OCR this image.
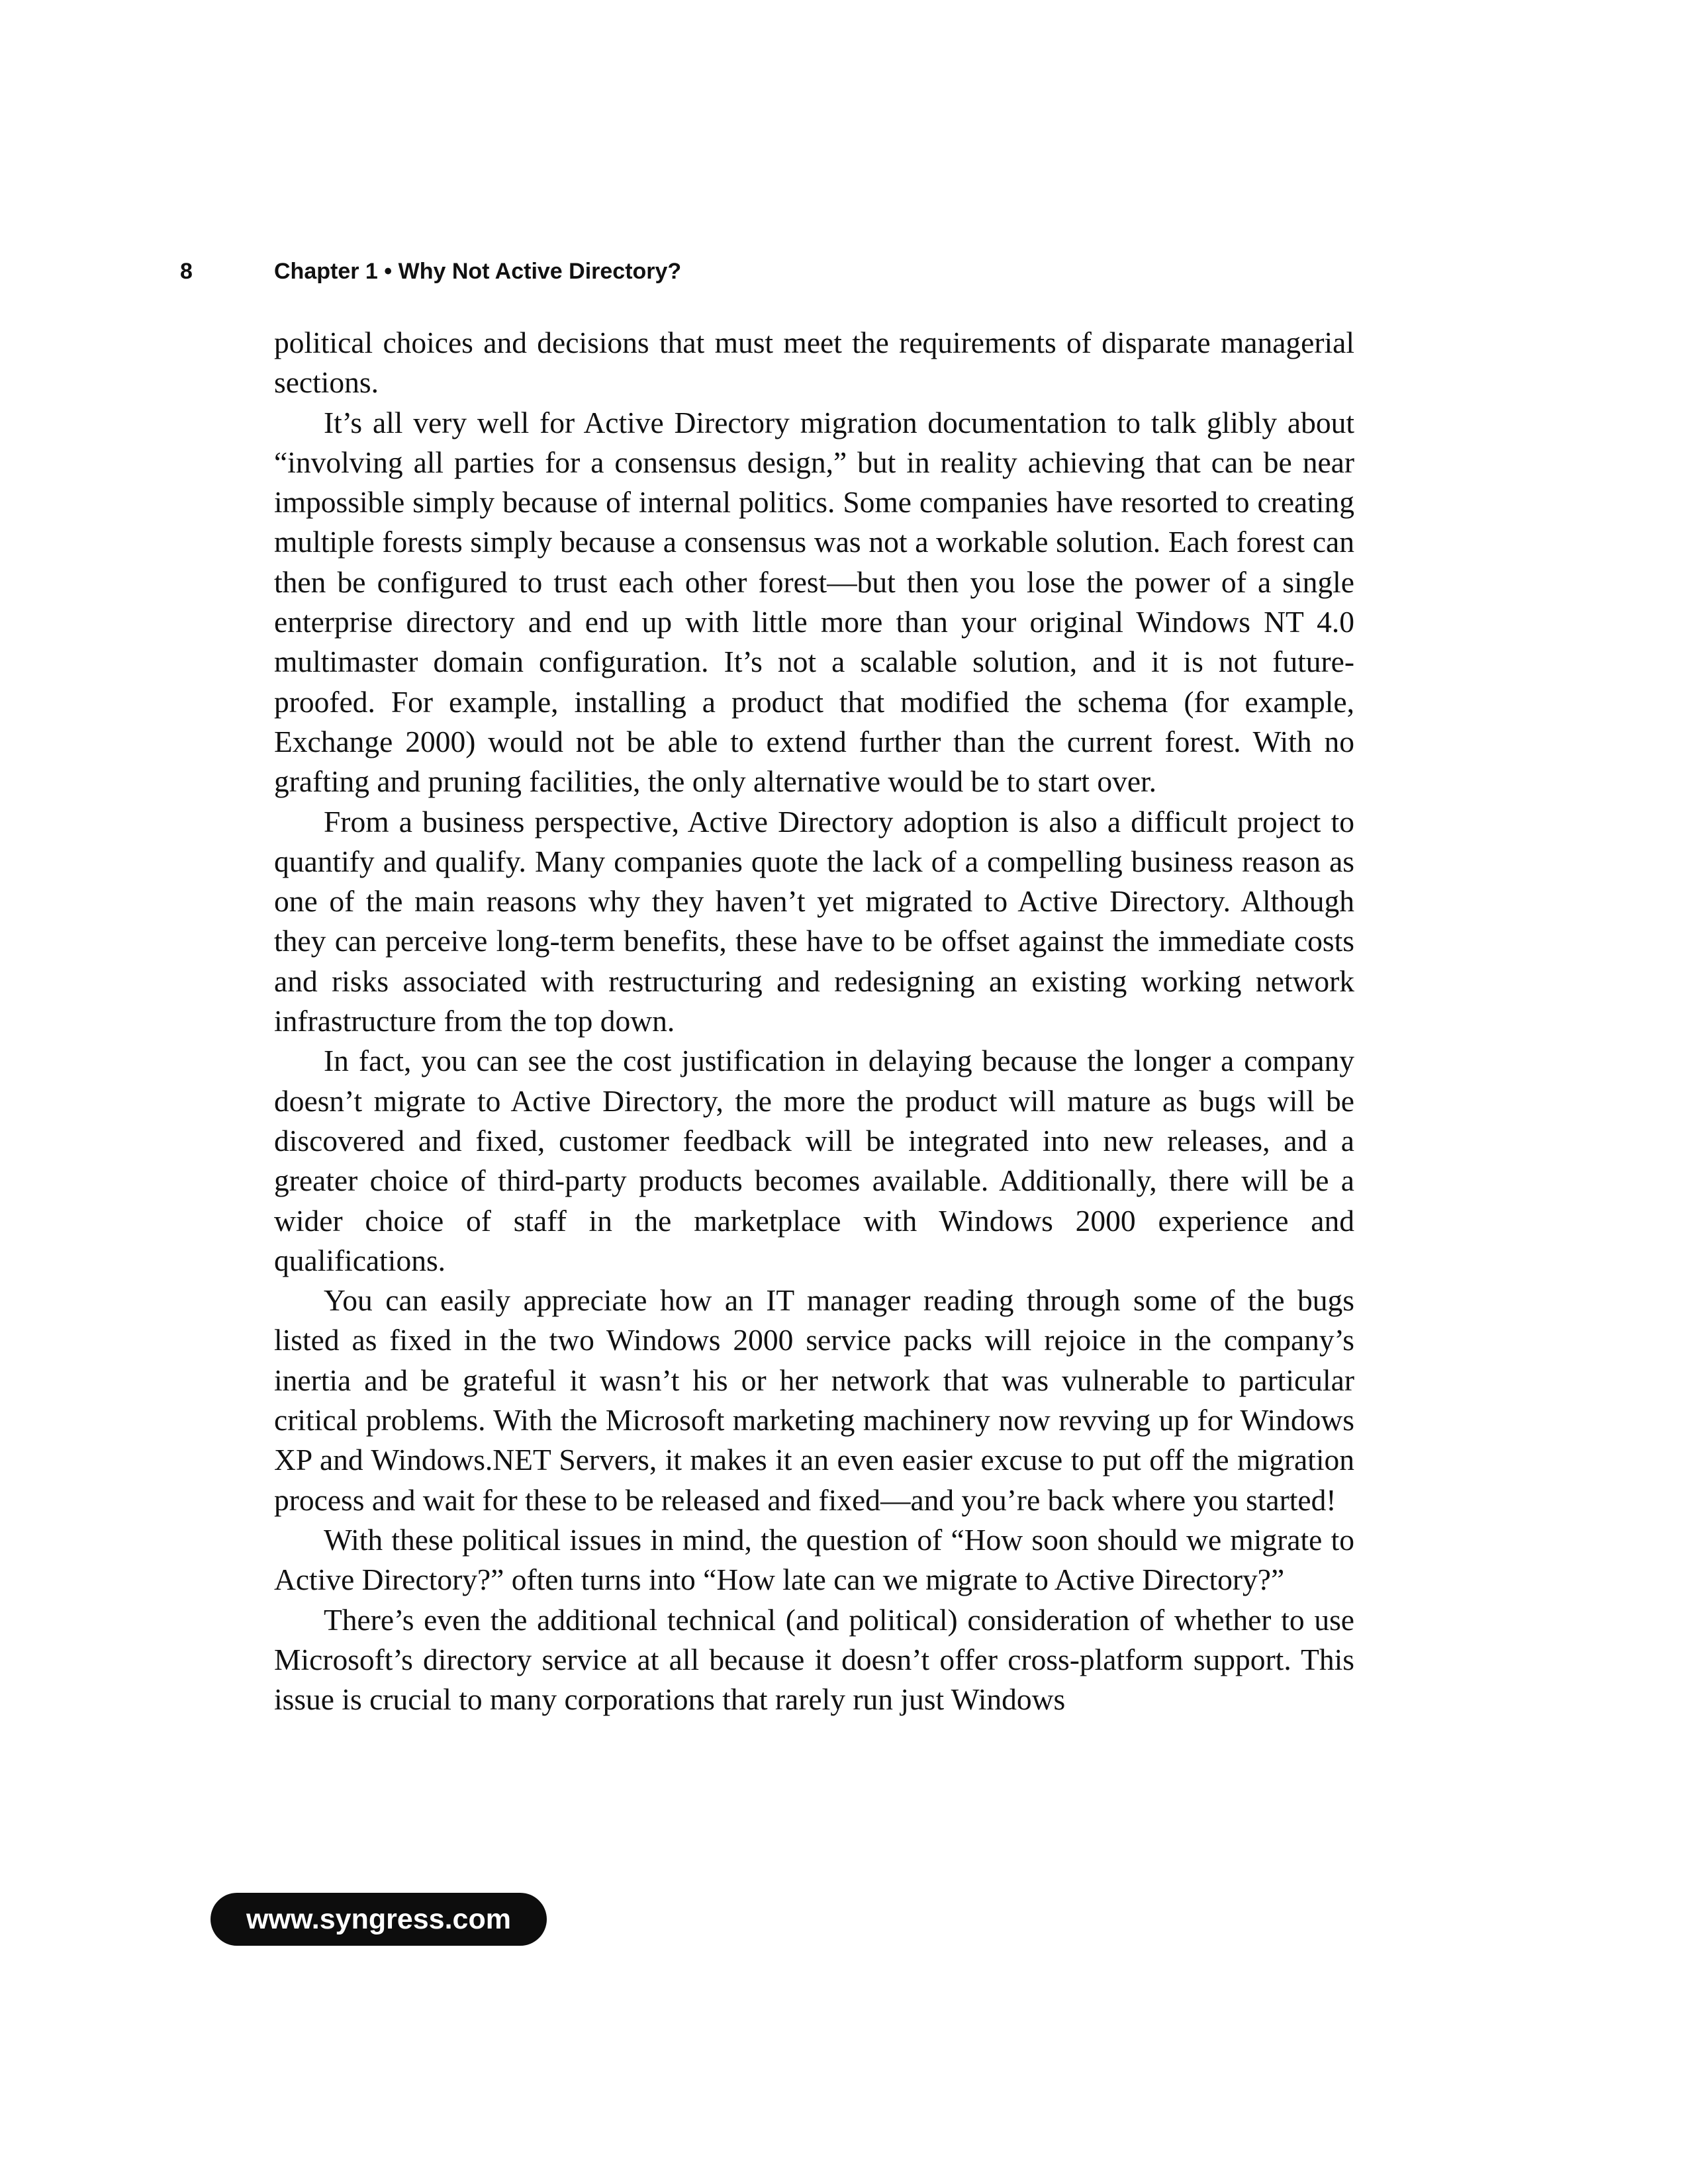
8	Chapter 1 • Why Not Active Directory?

political choices and decisions that must meet the requirements of disparate managerial sections.

It’s all very well for Active Directory migration documentation to talk glibly about “involving all parties for a consensus design,” but in reality achieving that can be near impossible simply because of internal politics. Some companies have resorted to creating multiple forests simply because a consensus was not a workable solution. Each forest can then be configured to trust each other forest—but then you lose the power of a single enterprise directory and end up with little more than your original Windows NT 4.0 multimaster domain configuration. It’s not a scalable solution, and it is not future-proofed. For example, installing a product that modified the schema (for example, Exchange 2000) would not be able to extend further than the current forest. With no grafting and pruning facilities, the only alternative would be to start over.

From a business perspective, Active Directory adoption is also a difficult project to quantify and qualify. Many companies quote the lack of a compelling business reason as one of the main reasons why they haven’t yet migrated to Active Directory. Although they can perceive long-term benefits, these have to be offset against the immediate costs and risks associated with restructuring and redesigning an existing working network infrastructure from the top down.

In fact, you can see the cost justification in delaying because the longer a company doesn’t migrate to Active Directory, the more the product will mature as bugs will be discovered and fixed, customer feedback will be integrated into new releases, and a greater choice of third-party products becomes available. Additionally, there will be a wider choice of staff in the marketplace with Windows 2000 experience and qualifications.

You can easily appreciate how an IT manager reading through some of the bugs listed as fixed in the two Windows 2000 service packs will rejoice in the company’s inertia and be grateful it wasn’t his or her network that was vulnerable to particular critical problems. With the Microsoft marketing machinery now revving up for Windows XP and Windows.NET Servers, it makes it an even easier excuse to put off the migration process and wait for these to be released and fixed—and you’re back where you started!

With these political issues in mind, the question of “How soon should we migrate to Active Directory?” often turns into “How late can we migrate to Active Directory?”

There’s even the additional technical (and political) consideration of whether to use Microsoft’s directory service at all because it doesn’t offer cross-platform support. This issue is crucial to many corporations that rarely run just Windows

www.syngress.com
